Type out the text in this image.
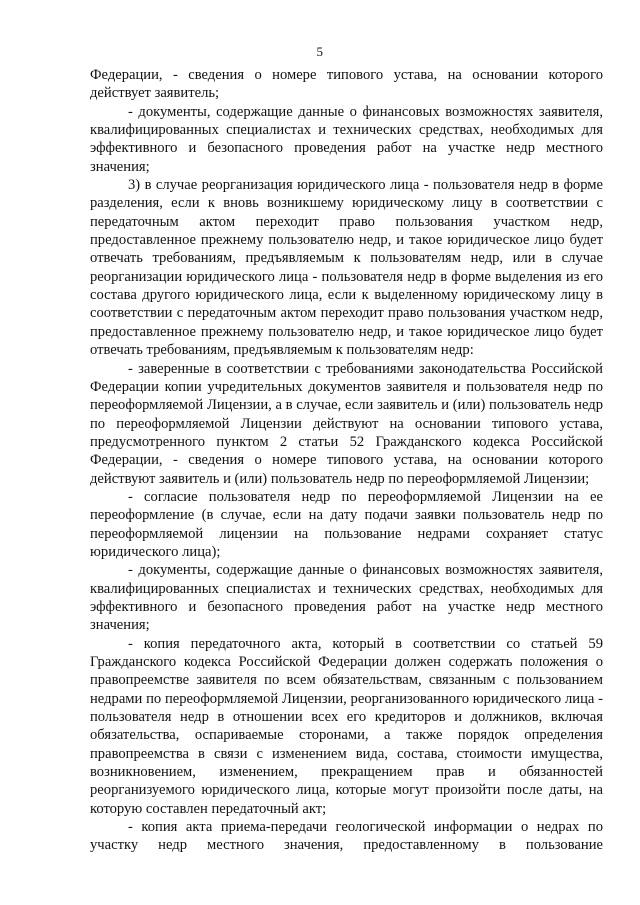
5

Федерации, - сведения о номере типового устава, на основании которого действует заявитель;

- документы, содержащие данные о финансовых возможностях заявителя, квалифицированных специалистах и технических средствах, необходимых для эффективного и безопасного проведения работ на участке недр местного значения;

3) в случае реорганизация юридического лица - пользователя недр в форме разделения, если к вновь возникшему юридическому лицу в соответствии с передаточным актом переходит право пользования участком недр, предоставленное прежнему пользователю недр, и такое юридическое лицо будет отвечать требованиям, предъявляемым к пользователям недр, или в случае реорганизации юридического лица - пользователя недр в форме выделения из его состава другого юридического лица, если к выделенному юридическому лицу в соответствии с передаточным актом переходит право пользования участком недр, предоставленное прежнему пользователю недр, и такое юридическое лицо будет отвечать требованиям, предъявляемым к пользователям недр:

- заверенные в соответствии с требованиями законодательства Российской Федерации копии учредительных документов заявителя и пользователя недр по переоформляемой Лицензии, а в случае, если заявитель и (или) пользователь недр по переоформляемой Лицензии действуют на основании типового устава, предусмотренного пунктом 2 статьи 52 Гражданского кодекса Российской Федерации, - сведения о номере типового устава, на основании которого действуют заявитель и (или) пользователь недр по переоформляемой Лицензии;

- согласие пользователя недр по переоформляемой Лицензии на ее переоформление (в случае, если на дату подачи заявки пользователь недр по переоформляемой лицензии на пользование недрами сохраняет статус юридического лица);

- документы, содержащие данные о финансовых возможностях заявителя, квалифицированных специалистах и технических средствах, необходимых для эффективного и безопасного проведения работ на участке недр местного значения;

- копия передаточного акта, который в соответствии со статьей 59 Гражданского кодекса Российской Федерации должен содержать положения о правопреемстве заявителя по всем обязательствам, связанным с пользованием недрами по переоформляемой Лицензии, реорганизованного юридического лица - пользователя недр в отношении всех его кредиторов и должников, включая обязательства, оспариваемые сторонами, а также порядок определения правопреемства в связи с изменением вида, состава, стоимости имущества, возникновением, изменением, прекращением прав и обязанностей реорганизуемого юридического лица, которые могут произойти после даты, на которую составлен передаточный акт;

- копия акта приема-передачи геологической информации о недрах по участку недр местного значения, предоставленному в пользование
